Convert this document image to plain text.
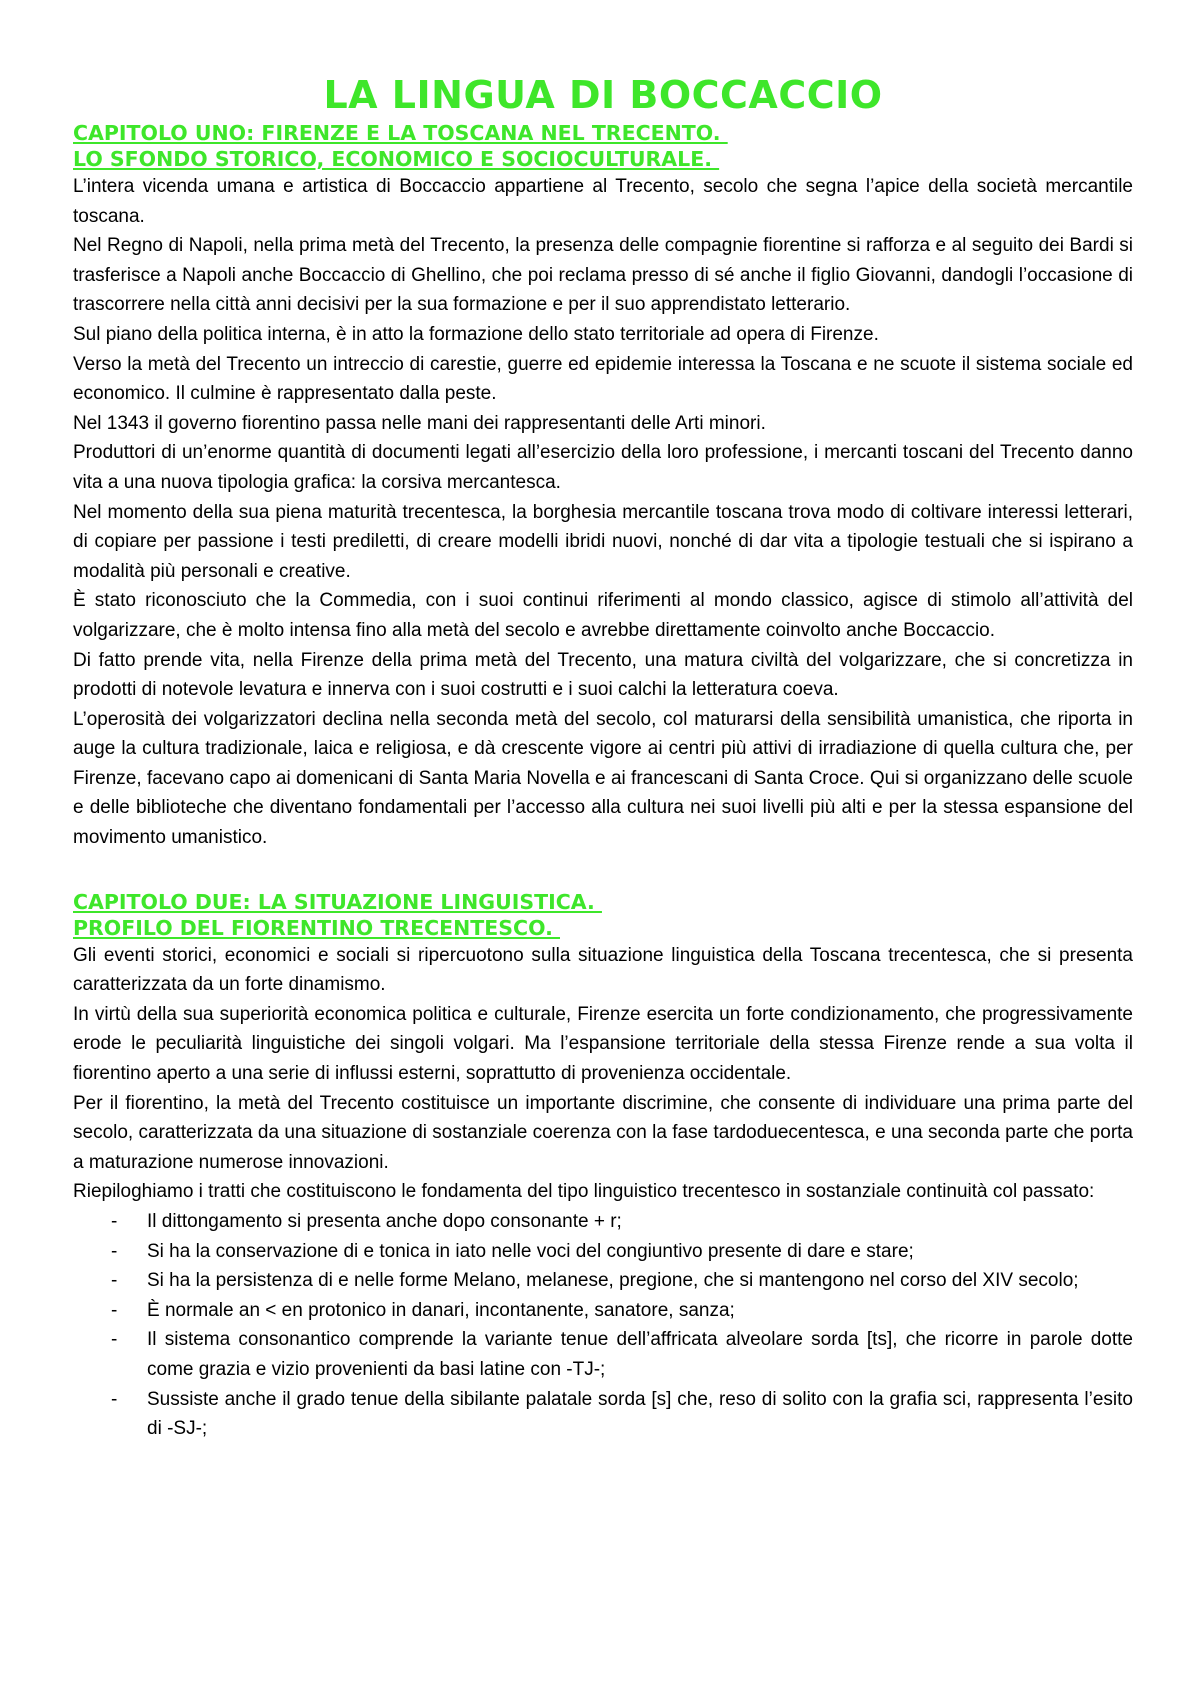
LA LINGUA DI BOCCACCIO
CAPITOLO UNO: FIRENZE E LA TOSCANA NEL TRECENTO.
LO SFONDO STORICO, ECONOMICO E SOCIOCULTURALE.

L’intera vicenda umana e artistica di Boccaccio appartiene al Trecento, secolo che segna l’apice della società mercantile toscana.

Nel Regno di Napoli, nella prima metà del Trecento, la presenza delle compagnie fiorentine si rafforza e al seguito dei Bardi si trasferisce a Napoli anche Boccaccio di Ghellino, che poi reclama presso di sé anche il figlio Giovanni, dandogli l’occasione di trascorrere nella città anni decisivi per la sua formazione e per il suo apprendistato letterario.

Sul piano della politica interna, è in atto la formazione dello stato territoriale ad opera di Firenze.

Verso la metà del Trecento un intreccio di carestie, guerre ed epidemie interessa la Toscana e ne scuote il sistema sociale ed economico. Il culmine è rappresentato dalla peste.

Nel 1343 il governo fiorentino passa nelle mani dei rappresentanti delle Arti minori.

Produttori di un’enorme quantità di documenti legati all’esercizio della loro professione, i mercanti toscani del Trecento danno vita a una nuova tipologia grafica: la corsiva mercantesca.

Nel momento della sua piena maturità trecentesca, la borghesia mercantile toscana trova modo di coltivare interessi letterari, di copiare per passione i testi prediletti, di creare modelli ibridi nuovi, nonché di dar vita a tipologie testuali che si ispirano a modalità più personali e creative.

È stato riconosciuto che la Commedia, con i suoi continui riferimenti al mondo classico, agisce di stimolo all’attività del volgarizzare, che è molto intensa fino alla metà del secolo e avrebbe direttamente coinvolto anche Boccaccio.

Di fatto prende vita, nella Firenze della prima metà del Trecento, una matura civiltà del volgarizzare, che si concretizza in prodotti di notevole levatura e innerva con i suoi costrutti e i suoi calchi la letteratura coeva.

L’operosità dei volgarizzatori declina nella seconda metà del secolo, col maturarsi della sensibilità umanistica, che riporta in auge la cultura tradizionale, laica e religiosa, e dà crescente vigore ai centri più attivi di irradiazione di quella cultura che, per Firenze, facevano capo ai domenicani di Santa Maria Novella e ai francescani di Santa Croce. Qui si organizzano delle scuole e delle biblioteche che diventano fondamentali per l’accesso alla cultura nei suoi livelli più alti e per la stessa espansione del movimento umanistico.

CAPITOLO DUE: LA SITUAZIONE LINGUISTICA.
PROFILO DEL FIORENTINO TRECENTESCO.

Gli eventi storici, economici e sociali si ripercuotono sulla situazione linguistica della Toscana trecentesca, che si presenta caratterizzata da un forte dinamismo.

In virtù della sua superiorità economica politica e culturale, Firenze esercita un forte condizionamento, che progressivamente erode le peculiarità linguistiche dei singoli volgari. Ma l’espansione territoriale della stessa Firenze rende a sua volta il fiorentino aperto a una serie di influssi esterni, soprattutto di provenienza occidentale.

Per il fiorentino, la metà del Trecento costituisce un importante discrimine, che consente di individuare una prima parte del secolo, caratterizzata da una situazione di sostanziale coerenza con la fase tardoduecentesca, e una seconda parte che porta a maturazione numerose innovazioni.

Riepiloghiamo i tratti che costituiscono le fondamenta del tipo linguistico trecentesco in sostanziale continuità col passato:

- Il dittongamento si presenta anche dopo consonante + r;
- Si ha la conservazione di e tonica in iato nelle voci del congiuntivo presente di dare e stare;
- Si ha la persistenza di e nelle forme Melano, melanese, pregione, che si mantengono nel corso del XIV secolo;
- È normale an < en protonico in danari, incontanente, sanatore, sanza;
- Il sistema consonantico comprende la variante tenue dell’affricata alveolare sorda [ts], che ricorre in parole dotte come grazia e vizio provenienti da basi latine con -TJ-;
- Sussiste anche il grado tenue della sibilante palatale sorda [s] che, reso di solito con la grafia sci, rappresenta l’esito di -SJ-;
